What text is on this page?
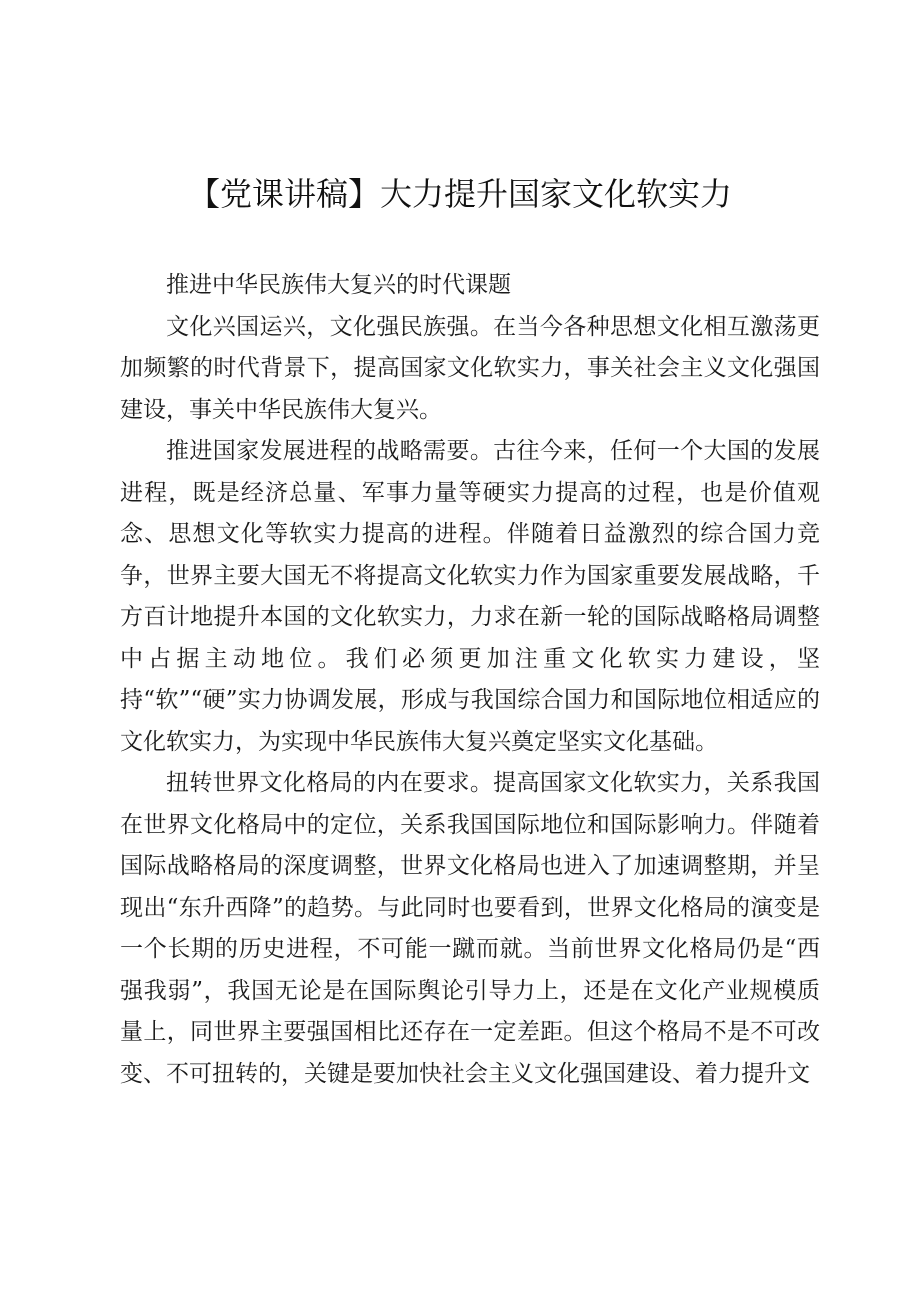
【党课讲稿】大力提升国家文化软实力

推进中华民族伟大复兴的时代课题

文化兴国运兴，文化强民族强。在当今各种思想文化相互激荡更加频繁的时代背景下，提高国家文化软实力，事关社会主义文化强国建设，事关中华民族伟大复兴。

推进国家发展进程的战略需要。古往今来，任何一个大国的发展进程，既是经济总量、军事力量等硬实力提高的过程，也是价值观念、思想文化等软实力提高的进程。伴随着日益激烈的综合国力竞争，世界主要大国无不将提高文化软实力作为国家重要发展战略，千方百计地提升本国的文化软实力，力求在新一轮的国际战略格局调整中占据主动地位。我们必须更加注重文化软实力建设，坚持“软”“硬”实力协调发展，形成与我国综合国力和国际地位相适应的文化软实力，为实现中华民族伟大复兴奠定坚实文化基础。

扭转世界文化格局的内在要求。提高国家文化软实力，关系我国在世界文化格局中的定位，关系我国国际地位和国际影响力。伴随着国际战略格局的深度调整，世界文化格局也进入了加速调整期，并呈现出“东升西降”的趋势。与此同时也要看到，世界文化格局的演变是一个长期的历史进程，不可能一蹴而就。当前世界文化格局仍是“西强我弱”，我国无论是在国际舆论引导力上，还是在文化产业规模质量上，同世界主要强国相比还存在一定差距。但这个格局不是不可改变、不可扭转的，关键是要加快社会主义文化强国建设、着力提升文
